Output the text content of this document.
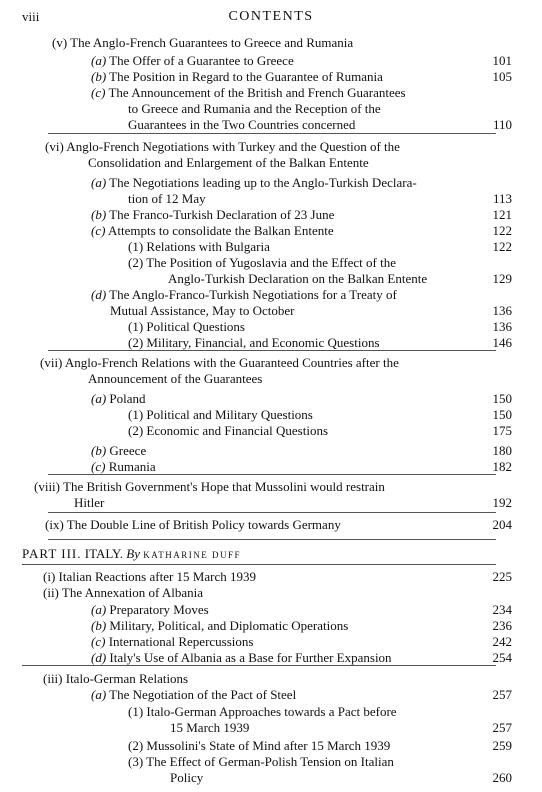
viii	CONTENTS
(v) The Anglo-French Guarantees to Greece and Rumania
(a) The Offer of a Guarantee to Greece
(b) The Position in Regard to the Guarantee of Rumania
(c) The Announcement of the British and French Guarantees
to Greece and Rumania and the Reception of the
Guarantees in the Two Countries concerned
(vi) Anglo-French Negotiations with Turkey and the Question of the
Consolidation and Enlargement of the Balkan Entente
(a) The Negotiations leading up to the Anglo-Turkish Declara-
tion of 12 May
(b) The Franco-Turkish Declaration of 23 June
(c) Attempts to consolidate the Balkan Entente
(1) Relations with Bulgaria
(2) The Position of Yugoslavia and the Effect of the
Anglo-Turkish Declaration on the Balkan Entente
(d) The Anglo-Franco-Turkish Negotiations for a Treaty of
Mutual Assistance, May to October
(1) Political Questions
(2) Military, Financial, and Economic Questions
(vii) Anglo-French Relations with the Guaranteed Countries after the
Announcement of the Guarantees
(a) Poland
(1) Political and Military Questions
(2) Economic and Financial Questions
(b) Greece
(c) Rumania
(viii) The British Government's Hope that Mussolini would restrain
Hitler
(ix) The Double Line of British Policy towards Germany
(i) Italian Reactions after 15 March 1939
(ii) The Annexation of Albania
(a) Preparatory Moves
(b) Military, Political, and Diplomatic Operations
(c) International Repercussions
(d) Italy's Use of Albania as a Base for Further Expansion
(iii) Italo-German Relations
(a) The Negotiation of the Pact of Steel
(1) Italo-German Approaches towards a Pact before
15 March 1939
(2) Mussolini's State of Mind after 15 March 1939
(3) The Effect of German-Polish Tension on Italian
Policy
101
105
110
113
121
122
122
129
136
136
146
150
150
175
180
182
192
204
225
234
236
242
254
257
257
259
260
PART III. ITALY. By KATHARINE DUFF
